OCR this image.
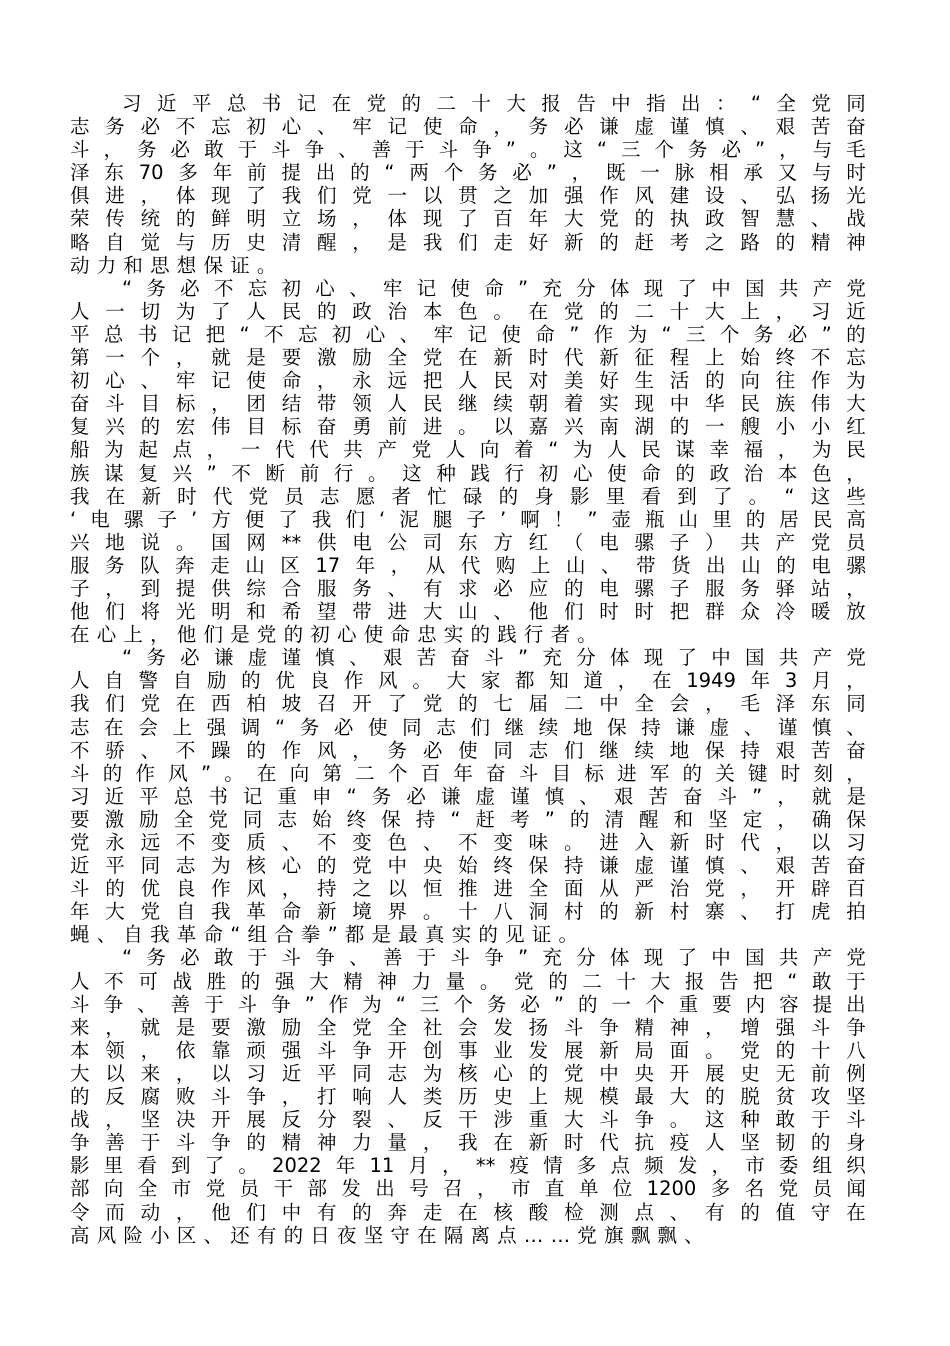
习 近 平 总 书 记 在 党 的 二 十 大 报 告 中 指 出 ： “ 全 党 同
志 务 必 不 忘 初 心 、 牢 记 使 命 ， 务 必 谦 虚 谨 慎 、 艰 苦 奋
斗 ， 务 必 敢 于 斗 争 、 善 于 斗 争 ” 。 这 “ 三 个 务 必 ” ， 与 毛
泽 东 70 多 年 前 提 出 的 “ 两 个 务 必 ” ， 既 一 脉 相 承 又 与 时
俱 进 ， 体 现 了 我 们 党 一 以 贯 之 加 强 作 风 建 设 、 弘 扬 光
荣 传 统 的 鲜 明 立 场 ， 体 现 了 百 年 大 党 的 执 政 智 慧 、 战
略 自 觉 与 历 史 清 醒 ， 是 我 们 走 好 新 的 赶 考 之 路 的 精 神
动力和思想保证。
“ 务 必 不 忘 初 心 、 牢 记 使 命 ” 充 分 体 现 了 中 国 共 产 党
人 一 切 为 了 人 民 的 政 治 本 色 。 在 党 的 二 十 大 上 ， 习 近
平 总 书 记 把 “ 不 忘 初 心 、 牢 记 使 命 ” 作 为 “ 三 个 务 必 ” 的
第 一 个 ， 就 是 要 激 励 全 党 在 新 时 代 新 征 程 上 始 终 不 忘
初 心 、 牢 记 使 命 ， 永 远 把 人 民 对 美 好 生 活 的 向 往 作 为
奋 斗 目 标 ， 团 结 带 领 人 民 继 续 朝 着 实 现 中 华 民 族 伟 大
复 兴 的 宏 伟 目 标 奋 勇 前 进 。 以 嘉 兴 南 湖 的 一 艘 小 小 红
船 为 起 点 ， 一 代 代 共 产 党 人 向 着 “ 为 人 民 谋 幸 福 ， 为 民
族 谋 复 兴 ” 不 断 前 行 。 这 种 践 行 初 心 使 命 的 政 治 本 色 ，
我 在 新 时 代 党 员 志 愿 者 忙 碌 的 身 影 里 看 到 了 。 “ 这 些
‘ 电 骡 子 ’ 方 便 了 我 们 ‘ 泥 腿 子 ’ 啊 ！ ” 壶 瓶 山 里 的 居 民 高
兴 地 说 。 国 网 ** 供 电 公 司 东 方 红 （ 电 骡 子 ） 共 产 党 员
服 务 队 奔 走 山 区 17 年 ， 从 代 购 上 山 、 带 货 出 山 的 电 骡
子 ， 到 提 供 综 合 服 务 、 有 求 必 应 的 电 骡 子 服 务 驿 站 ，
他 们 将 光 明 和 希 望 带 进 大 山 、 他 们 时 时 把 群 众 冷 暖 放
在心上，他们是党的初心使命忠实的践行者。
“ 务 必 谦 虚 谨 慎 、 艰 苦 奋 斗 ” 充 分 体 现 了 中 国 共 产 党
人 自 警 自 励 的 优 良 作 风 。 大 家 都 知 道 ， 在 1949 年 3 月 ，
我 们 党 在 西 柏 坡 召 开 了 党 的 七 届 二 中 全 会 ， 毛 泽 东 同
志 在 会 上 强 调 “ 务 必 使 同 志 们 继 续 地 保 持 谦 虚 、 谨 慎 、
不 骄 、 不 躁 的 作 风 ， 务 必 使 同 志 们 继 续 地 保 持 艰 苦 奋
斗 的 作 风 ” 。 在 向 第 二 个 百 年 奋 斗 目 标 进 军 的 关 键 时 刻 ，
习 近 平 总 书 记 重 申 “ 务 必 谦 虚 谨 慎 、 艰 苦 奋 斗 ” ， 就 是
要 激 励 全 党 同 志 始 终 保 持 “ 赶 考 ” 的 清 醒 和 坚 定 ， 确 保
党 永 远 不 变 质 、 不 变 色 、 不 变 味 。 进 入 新 时 代 ， 以 习
近 平 同 志 为 核 心 的 党 中 央 始 终 保 持 谦 虚 谨 慎 、 艰 苦 奋
斗 的 优 良 作 风 ， 持 之 以 恒 推 进 全 面 从 严 治 党 ， 开 辟 百
年 大 党 自 我 革 命 新 境 界 。 十 八 洞 村 的 新 村 寨 、 打 虎 拍
蝇、自我革命“组合拳”都是最真实的见证。
“ 务 必 敢 于 斗 争 、 善 于 斗 争 ” 充 分 体 现 了 中 国 共 产 党
人 不 可 战 胜 的 强 大 精 神 力 量 。 党 的 二 十 大 报 告 把 “ 敢 于
斗 争 、 善 于 斗 争 ” 作 为 “ 三 个 务 必 ” 的 一 个 重 要 内 容 提 出
来 ， 就 是 要 激 励 全 党 全 社 会 发 扬 斗 争 精 神 ， 增 强 斗 争
本 领 ， 依 靠 顽 强 斗 争 开 创 事 业 发 展 新 局 面 。 党 的 十 八
大 以 来 ， 以 习 近 平 同 志 为 核 心 的 党 中 央 开 展 史 无 前 例
的 反 腐 败 斗 争 ， 打 响 人 类 历 史 上 规 模 最 大 的 脱 贫 攻 坚
战 ， 坚 决 开 展 反 分 裂 、 反 干 涉 重 大 斗 争 。 这 种 敢 于 斗
争 善 于 斗 争 的 精 神 力 量 ， 我 在 新 时 代 抗 疫 人 坚 韧 的 身
影 里 看 到 了 。 2022 年 11 月 ， ** 疫 情 多 点 频 发 ， 市 委 组 织
部 向 全 市 党 员 干 部 发 出 号 召 ， 市 直 单 位 1200 多 名 党 员 闻
令 而 动 ， 他 们 中 有 的 奔 走 在 核 酸 检 测 点 、 有 的 值 守 在
高风险小区、还有的日夜坚守在隔离点……党旗飘飘、
